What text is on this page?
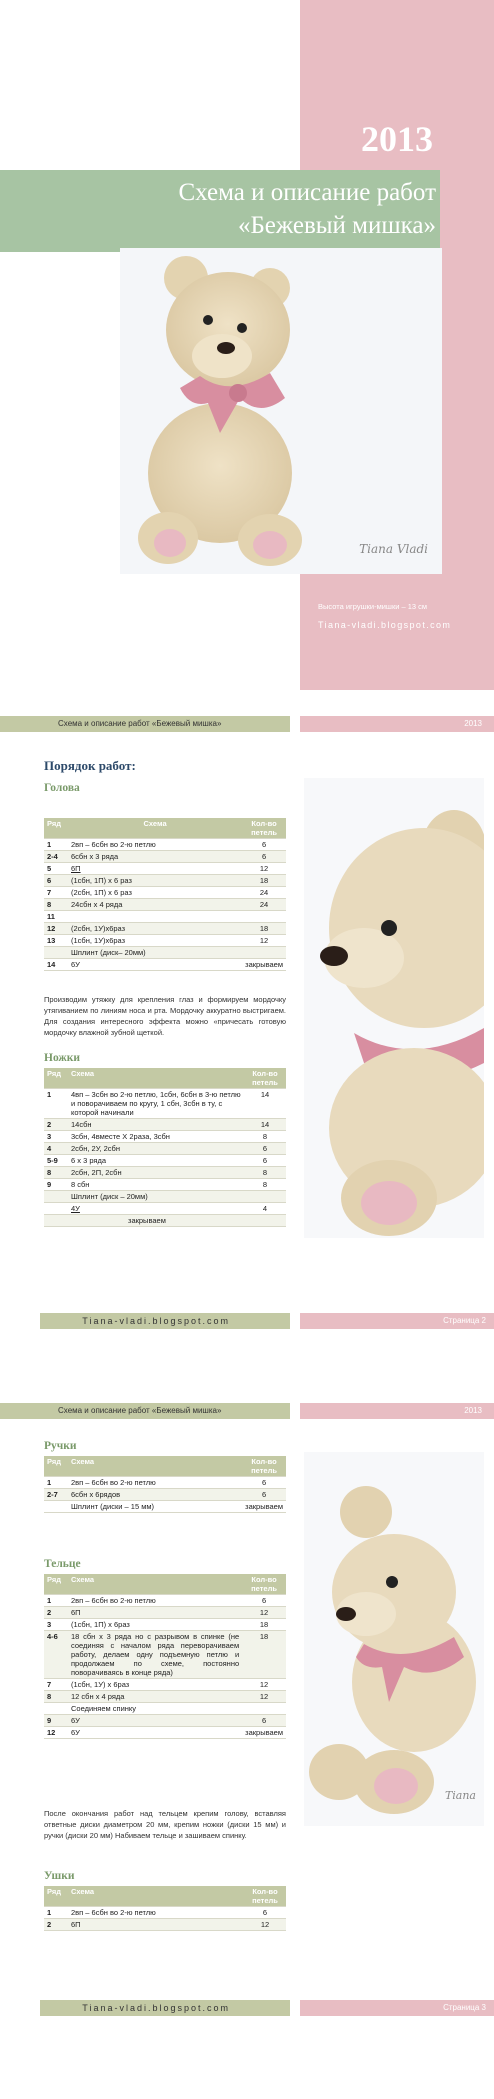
2013
Схема и описание работ
«Бежевый мишка»
Tiana Vladi
Высота игрушки-мишки – 13 см
Tiana-vladi.blogspot.com
Схема и описание работ «Бежевый мишка»	2013
Порядок работ:
Голова
Ряд	Схема	Кол-во петель
1	2вп – 6сбн во 2-ю петлю	6
2-4	6сбн х 3 ряда	6
5	6П	12
6	(1сбн, 1П) х 6 раз	18
7	(2сбн, 1П) х 6 раз	24
8	24сбн х 4 ряда	24
11		
12	(2сбн, 1У)х6раз	18
13	(1сбн, 1У)х6раз	12
	Шплинт (диск– 20мм)	
14	6У	закрываем
Производим утяжку для крепления глаз и формируем мордочку утягиванием по линиям носа и рта. Мордочку аккуратно выстригаем. Для создания интересного эффекта можно «причесать готовую мордочку влажной зубной щеткой.
Ножки
Ряд	Схема	Кол-во петель
1	4вп – 3сбн во 2-ю петлю, 1сбн, 6сбн в 3-ю петлю и поворачиваем по кругу, 1 сбн, 3сбн в ту, с которой начинали	14
2	14сбн	14
3	3сбн, 4вместе Х 2раза, 3сбн	8
4	2сбн, 2У, 2сбн	6
5-9	6 х 3 ряда	6
8	2сбн, 2П, 2сбн	8
9	8 сбн	8
	Шплинт (диск – 20мм)	
	4У	4
	закрываем	
Tiana-vladi.blogspot.com	Страница 2
Схема и описание работ «Бежевый мишка»	2013
Ручки
Ряд	Схема	Кол-во петель
1	2вп – 6сбн во 2-ю петлю	6
2-7	6сбн х 6рядов	6
	Шплинт (диски – 15 мм)	закрываем
Тельце
Ряд	Схема	Кол-во петель
1	2вп – 6сбн во 2-ю петлю	6
2	6П	12
3	(1сбн, 1П) х 6раз	18
4-6	18 сбн х 3 ряда но с разрывом в спинке (не соединяя с началом ряда переворачиваем работу, делаем одну подъемную петлю и продолжаем по схеме, постоянно поворачиваясь в конце ряда)	18
7	(1сбн, 1У) х 6раз	12
8	12 сбн х 4 ряда	12
	Соединяем спинку	
9	6У	6
12	6У	закрываем
После окончания работ над тельцем крепим голову, вставляя ответные диски диаметром 20 мм, крепим ножки (диски 15 мм) и ручки (диски 20 мм) Набиваем тельце и зашиваем спинку.
Ушки
Ряд	Схема	Кол-во петель
1	2вп – 6сбн во 2-ю петлю	6
2	6П	12
Tiana
Tiana-vladi.blogspot.com	Страница 3
